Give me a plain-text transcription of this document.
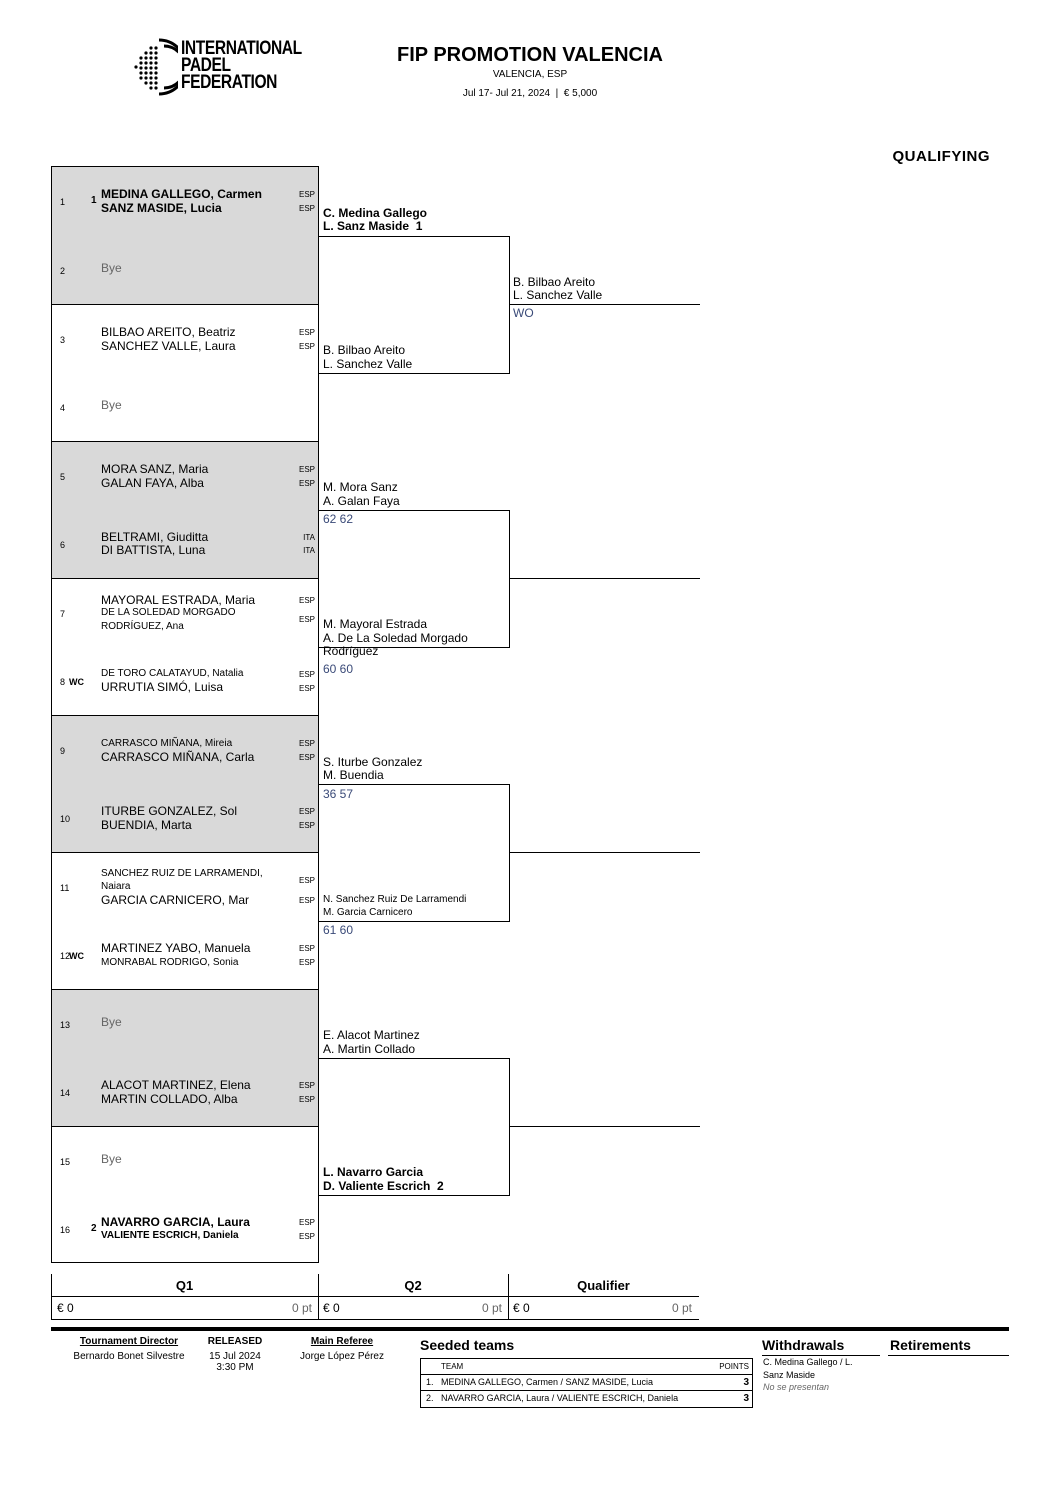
INTERNATIONAL
PADEL
FEDERATION
FIP PROMOTION VALENCIA
VALENCIA, ESP
Jul 17- Jul 21, 2024  |  € 5,000
QUALIFYING
1	1 MEDINA GALLEGO, Carmen
SANZ MASIDE, Lucia
ESP
ESP
2	Bye
3
BILBAO AREITO, Beatriz
SANCHEZ VALLE, Laura
ESP
ESP
4	Bye
5
MORA SANZ, Maria
GALAN FAYA, Alba
ESP
ESP
6
BELTRAMI, Giuditta
DI BATTISTA, Luna
ITA
ITA
7
MAYORAL ESTRADA, Maria
DE LA SOLEDAD MORGADO
RODRÍGUEZ, Ana
ESP
ESP
8 WC
DE TORO CALATAYUD, Natalia
URRUTIA SIMÓ, Luisa
ESP
ESP
9
CARRASCO MIÑANA, Mireia
CARRASCO MIÑANA, Carla
ESP
ESP
10
ITURBE GONZALEZ, Sol
BUENDIA, Marta
ESP
ESP
11
SANCHEZ RUIZ DE LARRAMENDI,
Naiara
GARCIA CARNICERO, Mar
ESP
ESP
12
WC
MARTINEZ YABO, Manuela
MONRABAL RODRIGO, Sonia
ESP
ESP
13	Bye
14
ALACOT MARTINEZ, Elena
MARTIN COLLADO, Alba
ESP
ESP
15	Bye
16 2 NAVARRO GARCIA, Laura
VALIENTE ESCRICH, Daniela
ESP
ESP
C. Medina Gallego
L. Sanz Maside  1
B. Bilbao Areito
L. Sanchez Valle
M. Mora Sanz
A. Galan Faya
62 62
M. Mayoral Estrada
A. De La Soledad Morgado
Rodríguez
60 60
S. Iturbe Gonzalez
M. Buendia
36 57
N. Sanchez Ruiz De Larramendi
M. Garcia Carnicero
61 60
E. Alacot Martinez
A. Martin Collado
L. Navarro Garcia
D. Valiente Escrich  2
B. Bilbao Areito
L. Sanchez Valle
WO
Q1	Q2	Qualifier
€ 0	0 pt € 0	0 pt € 0	0 pt
Tournament Director
Bernardo Bonet Silvestre
RELEASED
15 Jul 2024
3:30 PM
Main Referee
Jorge López Pérez
Seeded teams
TEAM	POINTS
1. MEDINA GALLEGO, Carmen / SANZ MASIDE, Lucia	3
2. NAVARRO GARCIA, Laura / VALIENTE ESCRICH, Daniela	3
Withdrawals
C. Medina Gallego / L.
Sanz Maside
No se presentan
Retirements
